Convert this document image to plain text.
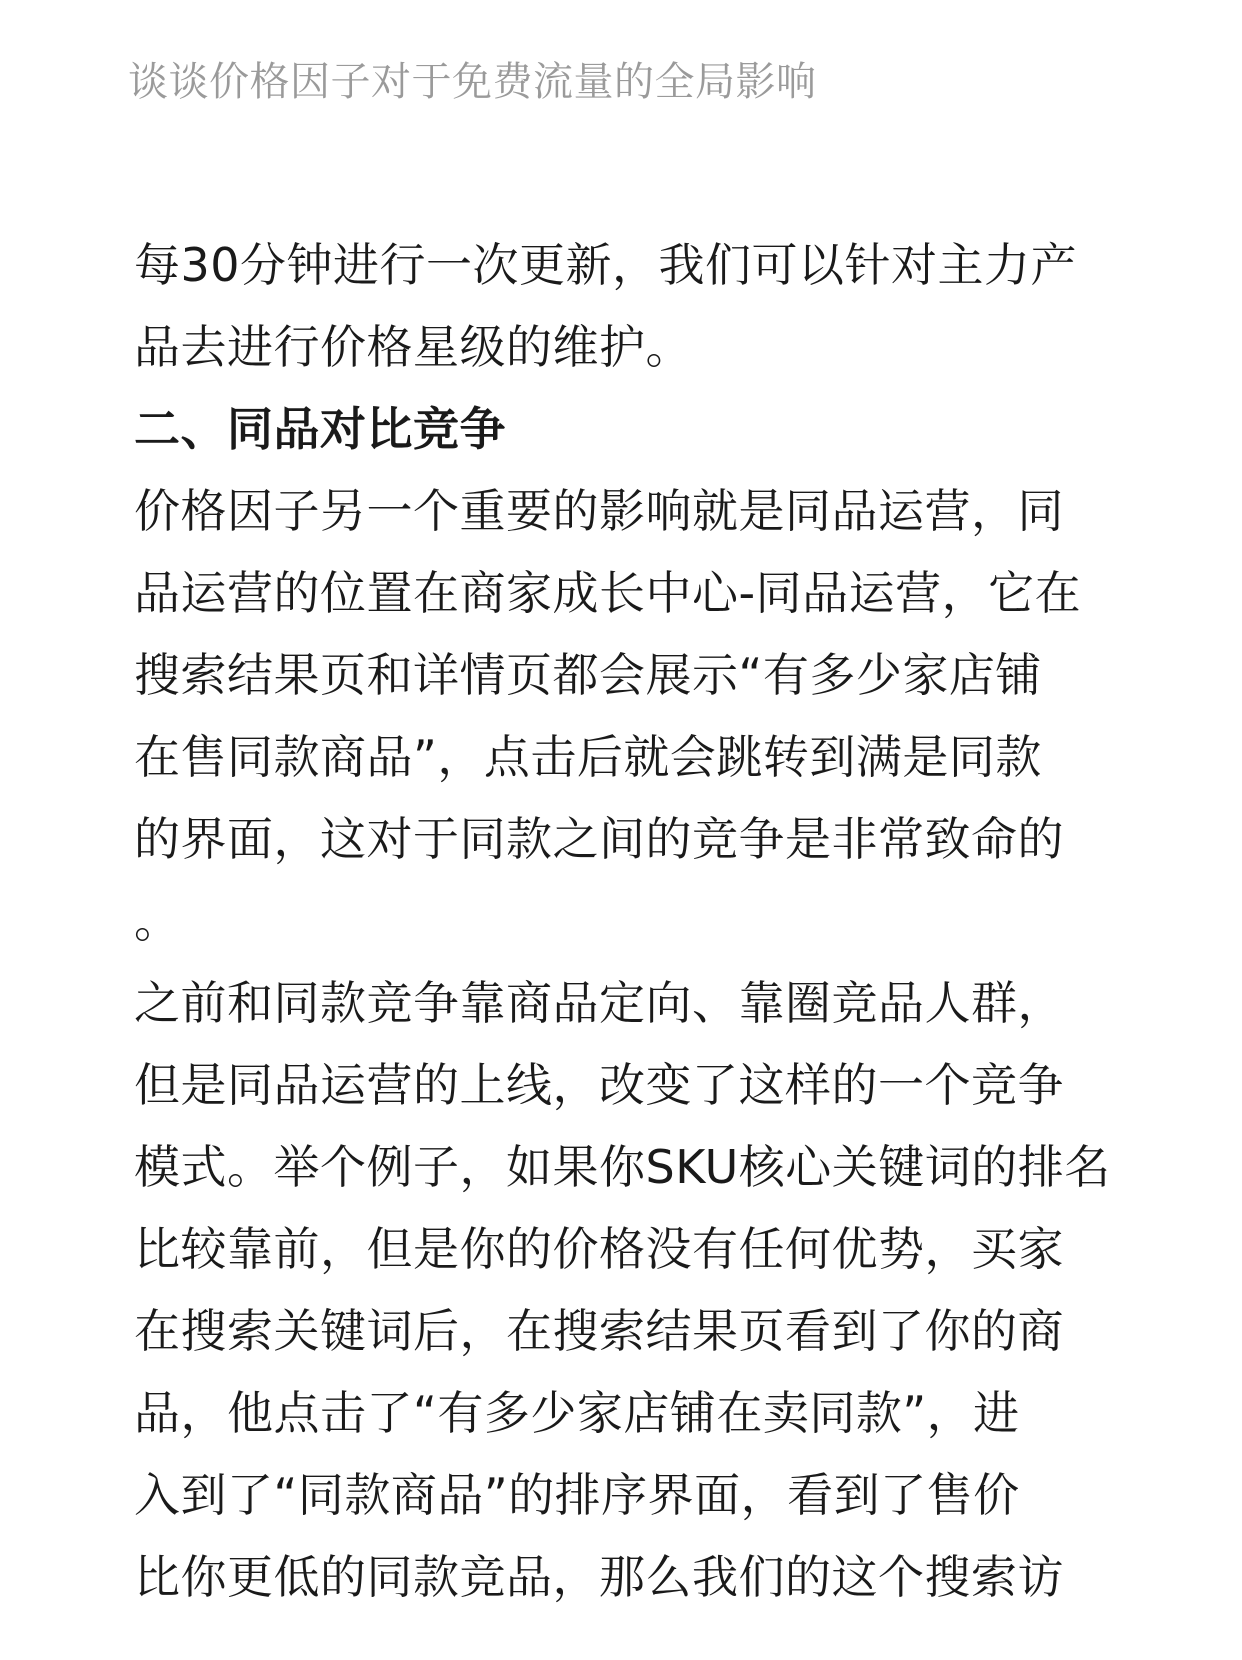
谈谈价格因子对于免费流量的全局影响
每30分钟进行一次更新，我们可以针对主力产
品去进行价格星级的维护。
二、同品对比竞争
价格因子另一个重要的影响就是同品运营，同
品运营的位置在商家成长中心-同品运营，它在
搜索结果页和详情页都会展示“有多少家店铺
在售同款商品”，点击后就会跳转到满是同款
的界面，这对于同款之间的竞争是非常致命的
。
之前和同款竞争靠商品定向、靠圈竞品人群，
但是同品运营的上线，改变了这样的一个竞争
模式。举个例子，如果你SKU核心关键词的排名
比较靠前，但是你的价格没有任何优势，买家
在搜索关键词后，在搜索结果页看到了你的商
品，他点击了“有多少家店铺在卖同款”，进
入到了“同款商品”的排序界面，看到了售价
比你更低的同款竞品，那么我们的这个搜索访
